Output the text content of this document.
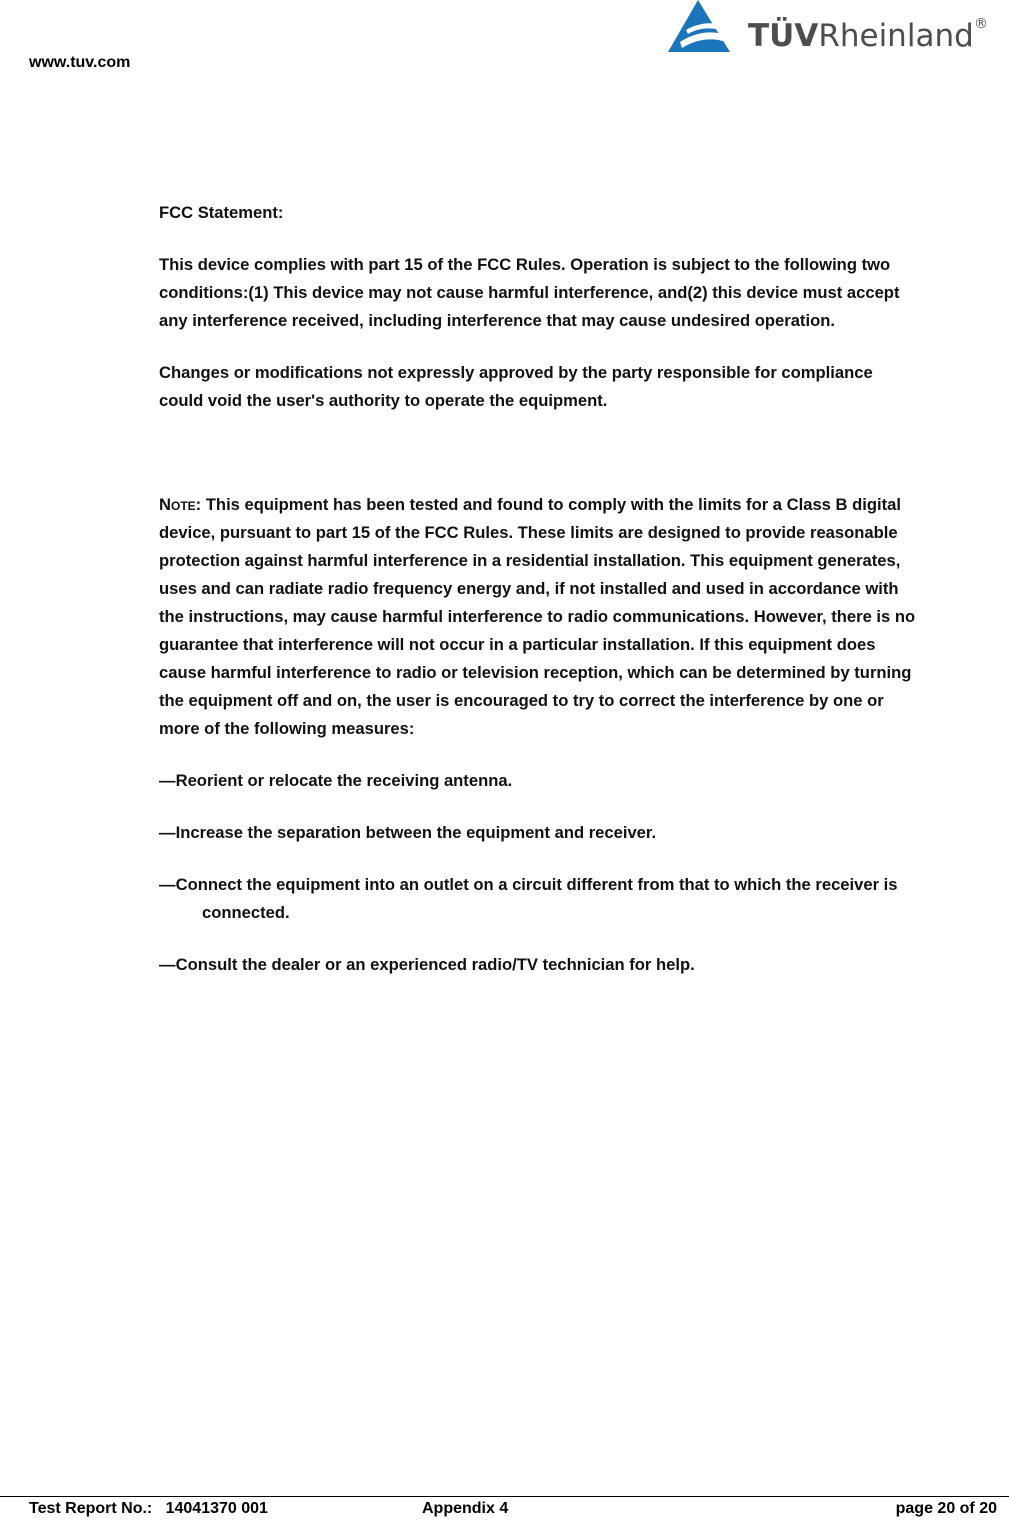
www.tuv.com
TÜVRheinland ®

FCC Statement:

This device complies with part 15 of the FCC Rules. Operation is subject to the following two conditions:(1) This device may not cause harmful interference, and(2) this device must accept any interference received, including interference that may cause undesired operation.

Changes or modifications not expressly approved by the party responsible for compliance could void the user's authority to operate the equipment.

Note: This equipment has been tested and found to comply with the limits for a Class B digital device, pursuant to part 15 of the FCC Rules. These limits are designed to provide reasonable protection against harmful interference in a residential installation. This equipment generates, uses and can radiate radio frequency energy and, if not installed and used in accordance with the instructions, may cause harmful interference to radio communications. However, there is no guarantee that interference will not occur in a particular installation. If this equipment does cause harmful interference to radio or television reception, which can be determined by turning the equipment off and on, the user is encouraged to try to correct the interference by one or more of the following measures:

—Reorient or relocate the receiving antenna.

—Increase the separation between the equipment and receiver.

—Connect the equipment into an outlet on a circuit different from that to which the receiver is connected.

—Consult the dealer or an experienced radio/TV technician for help.

Test Report No.:   14041370 001	Appendix 4	page 20 of 20
